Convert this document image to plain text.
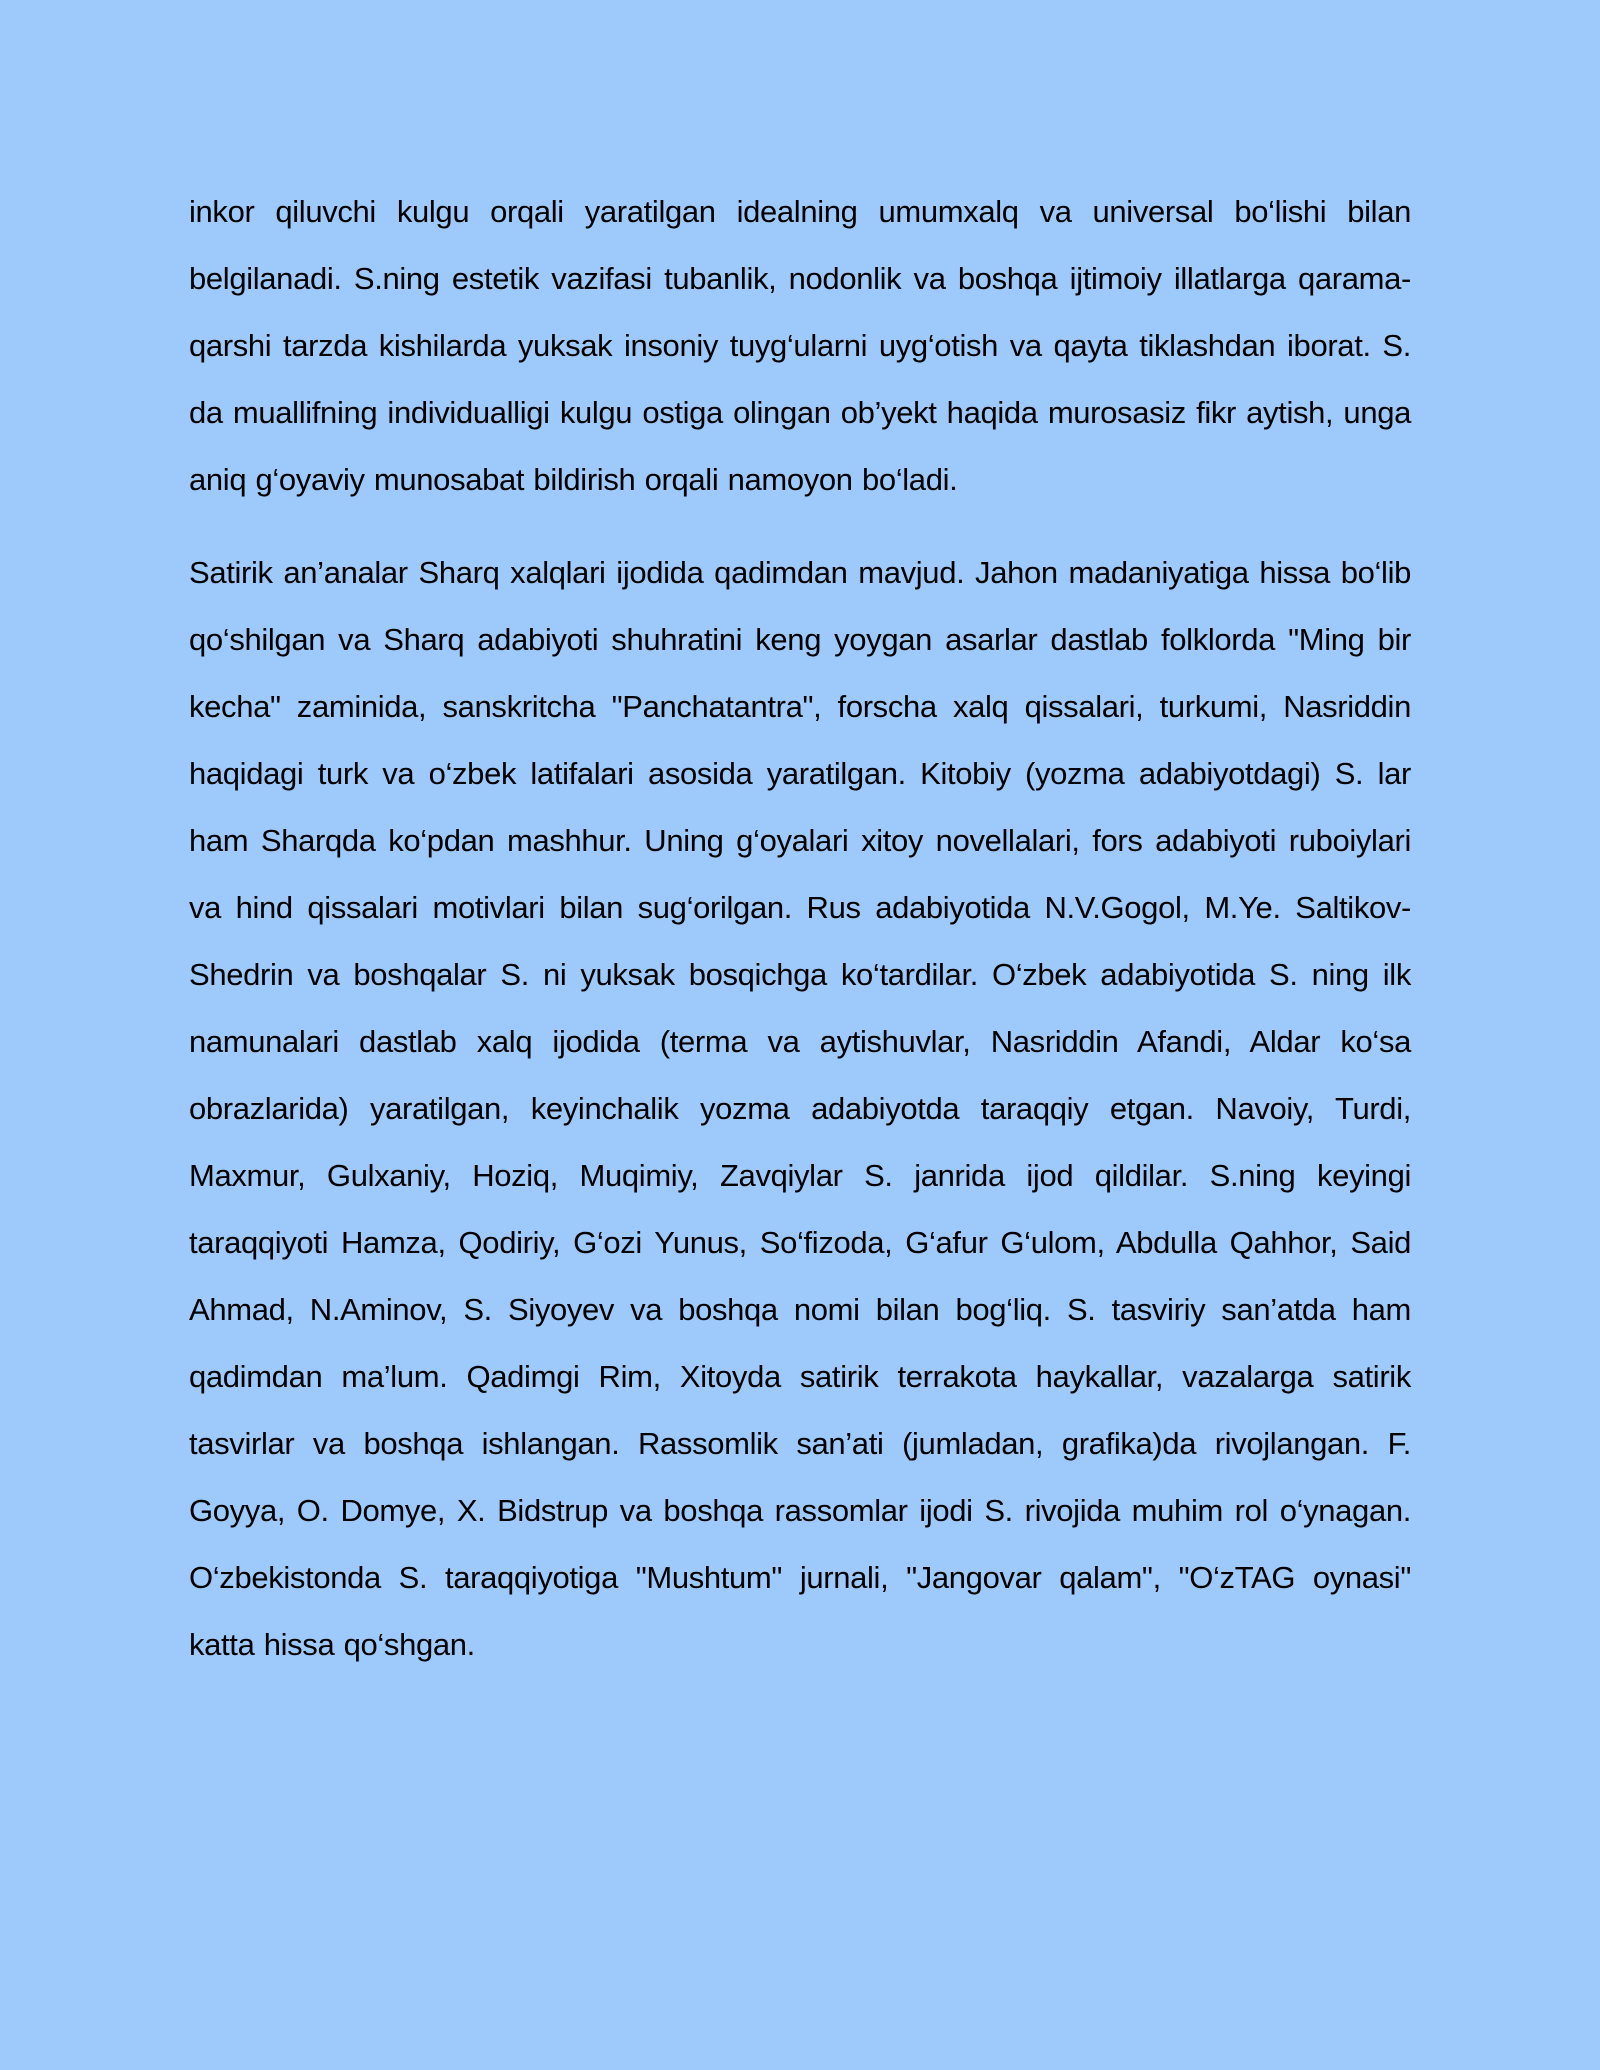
inkor qiluvchi kulgu orqali yaratilgan idealning umumxalq va universal bo‘lishi bilan belgilanadi. S.ning estetik vazifasi tubanlik, nodonlik va boshqa ijtimoiy illatlarga qarama-qarshi tarzda kishilarda yuksak insoniy tuyg‘ularni uyg‘otish va qayta tiklashdan iborat. S. da muallifning individualligi kulgu ostiga olingan ob’yekt haqida murosasiz fikr aytish, unga aniq g‘oyaviy munosabat bildirish orqali namoyon bo‘ladi.

Satirik an’analar Sharq xalqlari ijodida qadimdan mavjud. Jahon madaniyatiga hissa bo‘lib qo‘shilgan va Sharq adabiyoti shuhratini keng yoygan asarlar dastlab folklorda "Ming bir kecha" zaminida, sanskritcha "Panchatantra", forscha xalq qissalari, turkumi, Nasriddin haqidagi turk va o‘zbek latifalari asosida yaratilgan. Kitobiy (yozma adabiyotdagi) S. lar ham Sharqda ko‘pdan mashhur. Uning g‘oyalari xitoy novellalari, fors adabiyoti ruboiylari va hind qissalari motivlari bilan sug‘orilgan. Rus adabiyotida N.V.Gogol, M.Ye. Saltikov-Shedrin va boshqalar S. ni yuksak bosqichga ko‘tardilar. O‘zbek adabiyotida S. ning ilk namunalari dastlab xalq ijodida (terma va aytishuvlar, Nasriddin Afandi, Aldar ko‘sa obrazlarida) yaratilgan, keyinchalik yozma adabiyotda taraqqiy etgan. Navoiy, Turdi, Maxmur, Gulxaniy, Hoziq, Muqimiy, Zavqiylar S. janrida ijod qildilar. S.ning keyingi taraqqiyoti Hamza, Qodiriy, G‘ozi Yunus, So‘fizoda, G‘afur G‘ulom, Abdulla Qahhor, Said Ahmad, N.Aminov, S. Siyoyev va boshqa nomi bilan bog‘liq. S. tasviriy san’atda ham qadimdan ma’lum. Qadimgi Rim, Xitoyda satirik terrakota haykallar, vazalarga satirik tasvirlar va boshqa ishlangan. Rassomlik san’ati (jumladan, grafika)da rivojlangan. F. Goyya, O. Domye, X. Bidstrup va boshqa rassomlar ijodi S. rivojida muhim rol o‘ynagan. O‘zbekistonda S. taraqqiyotiga "Mushtum" jurnali, "Jangovar qalam", "O‘zTAG oynasi" katta hissa qo‘shgan.
